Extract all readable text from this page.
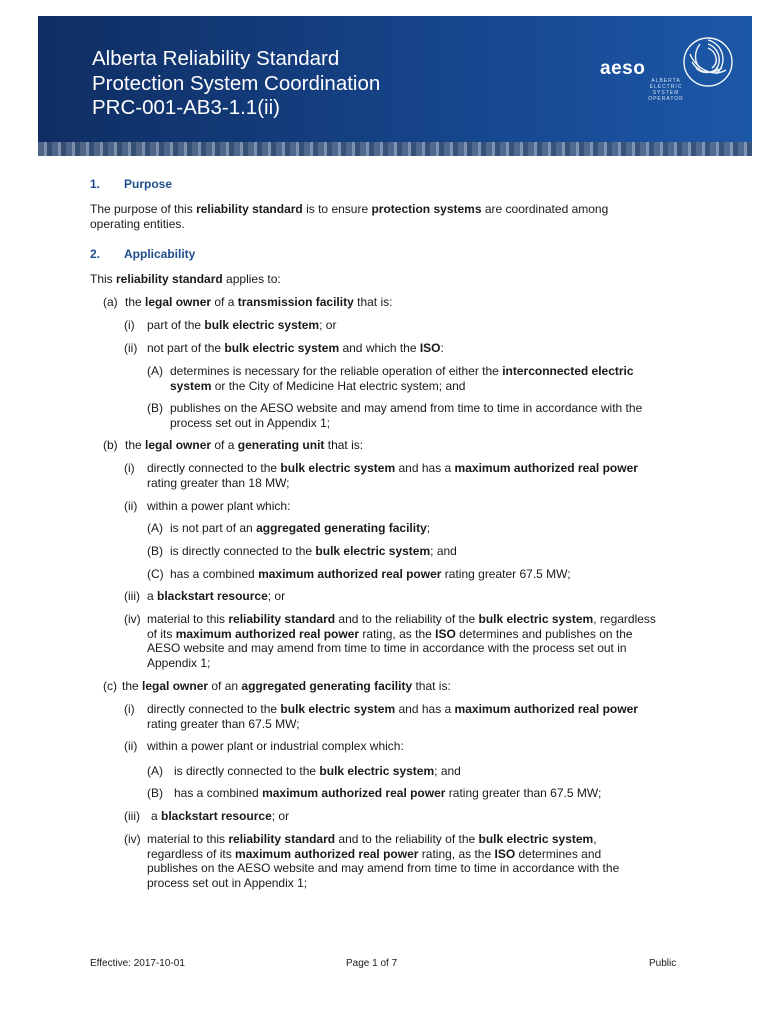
Alberta Reliability Standard
Protection System Coordination
PRC-001-AB3-1.1(ii)
aeso
ALBERTA ELECTRIC SYSTEM OPERATOR
1. Purpose
The purpose of this reliability standard is to ensure protection systems are coordinated among
operating entities.
2. Applicability
This reliability standard applies to:
(a) the legal owner of a transmission facility that is:
(i) part of the bulk electric system; or
(ii) not part of the bulk electric system and which the ISO:
(A) determines is necessary for the reliable operation of either the interconnected electric
system or the City of Medicine Hat electric system; and
(B) publishes on the AESO website and may amend from time to time in accordance with the
process set out in Appendix 1;
(b) the legal owner of a generating unit that is:
(i) directly connected to the bulk electric system and has a maximum authorized real power
rating greater than 18 MW;
(ii) within a power plant which:
(A) is not part of an aggregated generating facility;
(B) is directly connected to the bulk electric system; and
(C) has a combined maximum authorized real power rating greater 67.5 MW;
(iii) a blackstart resource; or
(iv) material to this reliability standard and to the reliability of the bulk electric system, regardless
of its maximum authorized real power rating, as the ISO determines and publishes on the
AESO website and may amend from time to time in accordance with the process set out in
Appendix 1;
(c) the legal owner of an aggregated generating facility that is:
(i) directly connected to the bulk electric system and has a maximum authorized real power
rating greater than 67.5 MW;
(ii) within a power plant or industrial complex which:
(A) is directly connected to the bulk electric system; and
(B) has a combined maximum authorized real power rating greater than 67.5 MW;
(iii) a blackstart resource; or
(iv) material to this reliability standard and to the reliability of the bulk electric system,
regardless of its maximum authorized real power rating, as the ISO determines and
publishes on the AESO website and may amend from time to time in accordance with the
process set out in Appendix 1;
Effective: 2017-10-01	Page 1 of 7	Public
